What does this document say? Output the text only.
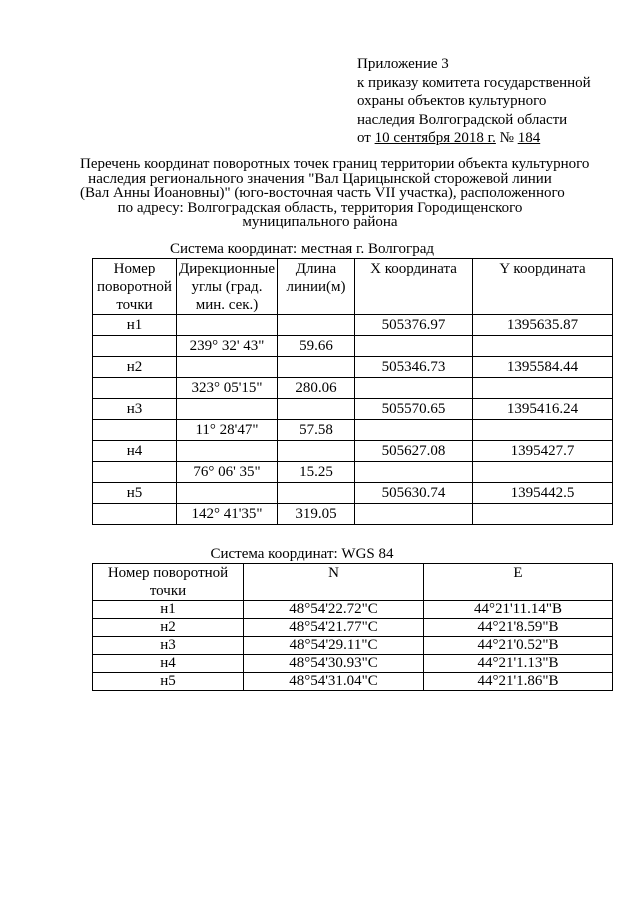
Приложение 3
к приказу комитета государственной
охраны объектов культурного
наследия Волгоградской области
от 10 сентября 2018 г. № 184
Перечень координат поворотных точек границ территории объекта культурного
наследия регионального значения "Вал Царицынской сторожевой линии
(Вал Анны Иоановны)" (юго-восточная часть VII участка), расположенного
по адресу: Волгоградская область, территория Городищенского
муниципального района
Система координат: местная г. Волгоград
Номер поворотной точки	Дирекционные углы (град. мин. сек.)	Длина линии(м)	X координата	Y координата
н1			505376.97	1395635.87
	239° 32' 43"	59.66		
н2			505346.73	1395584.44
	323° 05'15"	280.06		
н3			505570.65	1395416.24
	11° 28'47"	57.58		
н4			505627.08	1395427.7
	76° 06' 35"	15.25		
н5			505630.74	1395442.5
	142° 41'35"	319.05		
Система координат: WGS 84
Номер поворотной точки	N	E
н1	48°54'22.72"С	44°21'11.14"В
н2	48°54'21.77"С	44°21'8.59"В
н3	48°54'29.11"С	44°21'0.52"В
н4	48°54'30.93"С	44°21'1.13"В
н5	48°54'31.04"С	44°21'1.86"В
